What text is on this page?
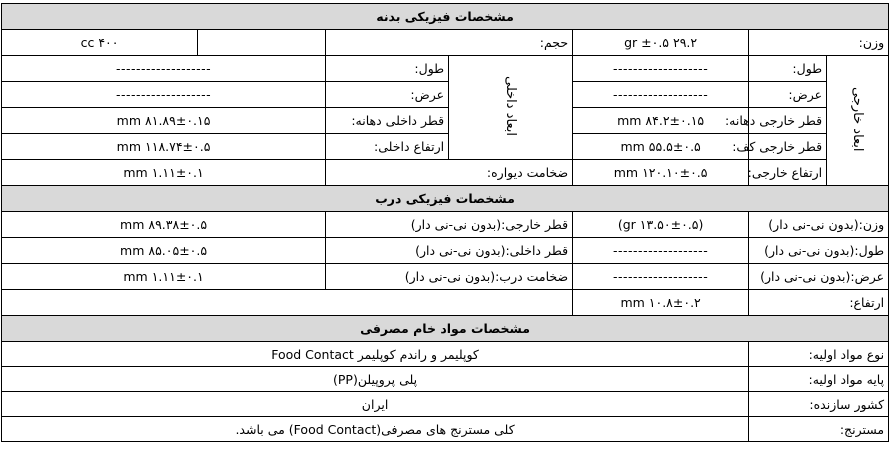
مشخصات فیزیکی بدنه						
وزن:		۲۹.۲ ±۰.۵ gr	حجم:			۴۰۰ cc
ابعاد خارجی	طول:	-------------------	ابعاد داخلی	طول:	-------------------	
	عرض:	-------------------		عرض:	-------------------	
	قطر خارجی دهانه:	۸۴.۲±۰.۱۵ mm		قطر داخلی دهانه:	۸۱.۸۹±۰.۱۵ mm	
	قطر خارجی کف:	۵۵.۵±۰.۵ mm		ارتفاع داخلی:	۱۱۸.۷۴±۰.۵ mm	
	ارتفاع خارجی:	۱۲۰.۱۰±۰.۵ mm	ضخامت دیواره:		۱.۱۱±۰.۱ mm	
مشخصات فیزیکی درب						
وزن:(بدون نی-نی دار)		(۱۳.۵۰±۰.۵ gr)	قطر خارجی:(بدون نی-نی دار)		۸۹.۳۸±۰.۵ mm	
طول:(بدون نی-نی دار)		-------------------	قطر داخلی:(بدون نی-نی دار)		۸۵.۰۵±۰.۵ mm	
عرض:(بدون نی-نی دار)		-------------------	ضخامت درب:(بدون نی-نی دار)		۱.۱۱±۰.۱ mm	
ارتفاع:		۱۰.۸±۰.۲ mm				
مشخصات مواد خام مصرفی						
نوع مواد اولیه:		کوپلیمر و راندم کوپلیمر Food Contact				
پایه مواد اولیه:		پلی پروپیلن(PP)				
کشور سازنده:		ایران				
مسترنج:		کلی مسترنج های مصرفی(Food Contact) می باشد.				
